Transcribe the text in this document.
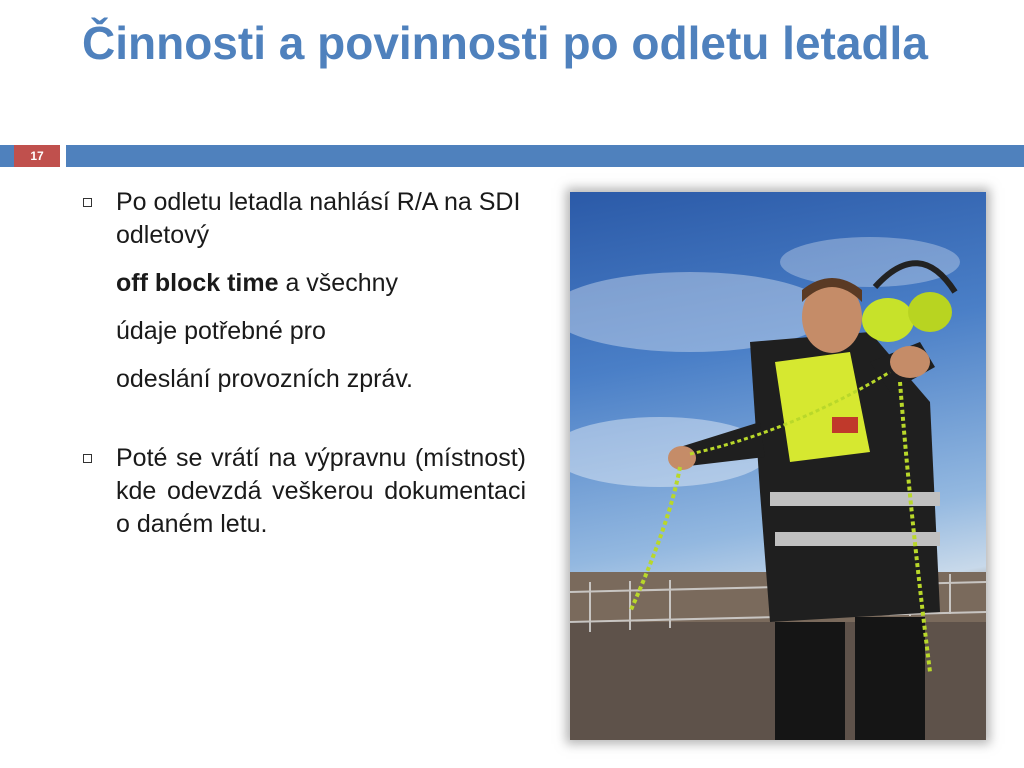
Činnosti a povinnosti po odletu letadla
17
Po odletu letadla nahlásí R/A na SDI odletový
off block time a všechny
údaje potřebné pro
odeslání provozních zpráv.
Poté se vrátí na výpravnu (místnost) kde odevzdá veškerou dokumentaci o daném letu.
